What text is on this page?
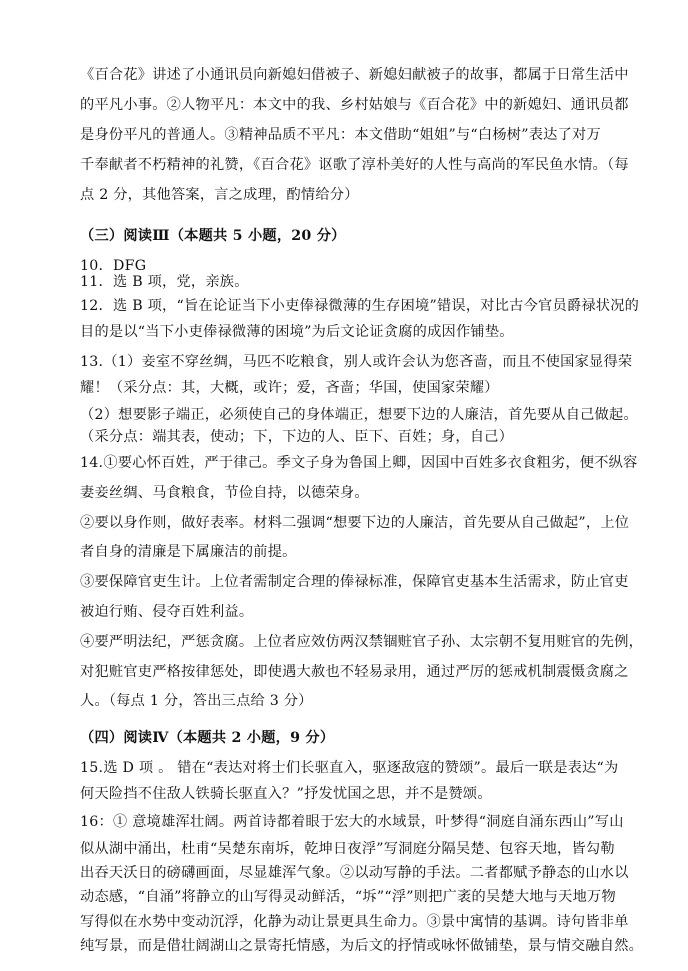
《百合花》讲述了小通讯员向新媳妇借被子、新媳妇献被子的故事，都属于日常生活中
的平凡小事。②人物平凡：本文中的我、乡村姑娘与《百合花》中的新媳妇、通讯员都
是身份平凡的普通人。③精神品质不平凡：本文借助“姐姐”与“白杨树”表达了对万
千奉献者不朽精神的礼赞，《百合花》讴歌了淳朴美好的人性与高尚的军民鱼水情。（每
点 2 分，其他答案，言之成理，酌情给分）
（三）阅读Ⅲ（本题共 5 小题，20 分）
10．DFG
11．选 B 项，党，亲族。
12．选 B 项，“旨在论证当下小吏俸禄微薄的生存困境”错误，对比古今官员爵禄状况的
目的是以“当下小吏俸禄微薄的困境”为后文论证贪腐的成因作铺垫。
13.（1）妾室不穿丝绸，马匹不吃粮食，别人或许会认为您吝啬，而且不使国家显得荣
耀！（采分点：其，大概，或许；爱，吝啬；华国，使国家荣耀）
（2）想要影子端正，必须使自己的身体端正，想要下边的人廉洁，首先要从自己做起。
（采分点：端其表，使动；下，下边的人、臣下、百姓；身，自己）
14.①要心怀百姓，严于律己。季文子身为鲁国上卿，因国中百姓多衣食粗劣，便不纵容
妻妾丝绸、马食粮食，节俭自持，以德荣身。
②要以身作则，做好表率。材料二强调“想要下边的人廉洁，首先要从自己做起”，上位
者自身的清廉是下属廉洁的前提。
③要保障官吏生计。上位者需制定合理的俸禄标准，保障官吏基本生活需求，防止官吏
被迫行贿、侵夺百姓利益。
④要严明法纪，严惩贪腐。上位者应效仿两汉禁锢赃官子孙、太宗朝不复用赃官的先例，
对犯赃官吏严格按律惩处，即使遇大赦也不轻易录用，通过严厉的惩戒机制震慑贪腐之
人。（每点 1 分，答出三点给 3 分）
（四）阅读Ⅳ（本题共 2 小题，9 分）
15.选 D 项 。 错在“表达对将士们长驱直入，驱逐敌寇的赞颂”。最后一联是表达“为
何天险挡不住敌人铁骑长驱直入？”抒发忧国之思，并不是赞颂。
16：① 意境雄浑壮阔。两首诗都着眼于宏大的水域景，叶梦得“洞庭自涌东西山”写山
似从湖中涌出，杜甫“吴楚东南坼，乾坤日夜浮”写洞庭分隔吴楚、包容天地，皆勾勒
出吞天沃日的磅礴画面，尽显雄浑气象。②以动写静的手法。二者都赋予静态的山水以
动态感，“自涌”将静立的山写得灵动鲜活，“坼”“浮”则把广袤的吴楚大地与天地万物
写得似在水势中变动沉浮，化静为动让景更具生命力。③景中寓情的基调。诗句皆非单
纯写景，而是借壮阔湖山之景寄托情感，为后文的抒情或咏怀做铺垫，景与情交融自然。
